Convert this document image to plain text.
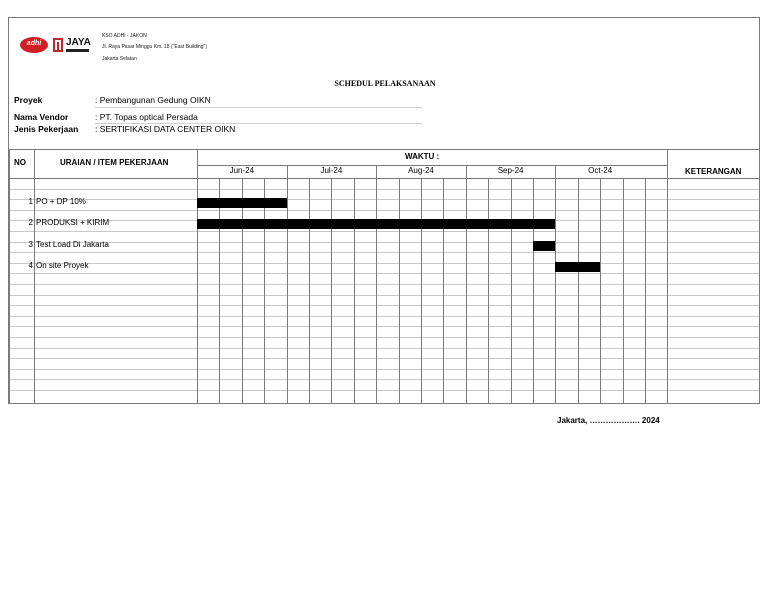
adhi	JAYA
KSO ADHI - JAKON
Jl. Raya Pasar Minggu Km. 18 ("East Building")
Jakarta Selatan
SCHEDUL PELAKSANAAN
Proyek	: Pembangunan Gedung OIKN
Nama Vendor	: PT. Topas optical Persada
Jenis Pekerjaan : SERTIFIKASI DATA CENTER OIKN
NO	URAIAN / ITEM PEKERJAAN
WAKTU :
KETERANGAN
Jun-24	Jul-24	Aug-24	Sep-24	Oct-24
1 PO + DP 10%
2 PRODUKSI + KIRIM
3 Test Load Di Jakarta
4 On site Proyek
Jakarta, ………………. 2024
